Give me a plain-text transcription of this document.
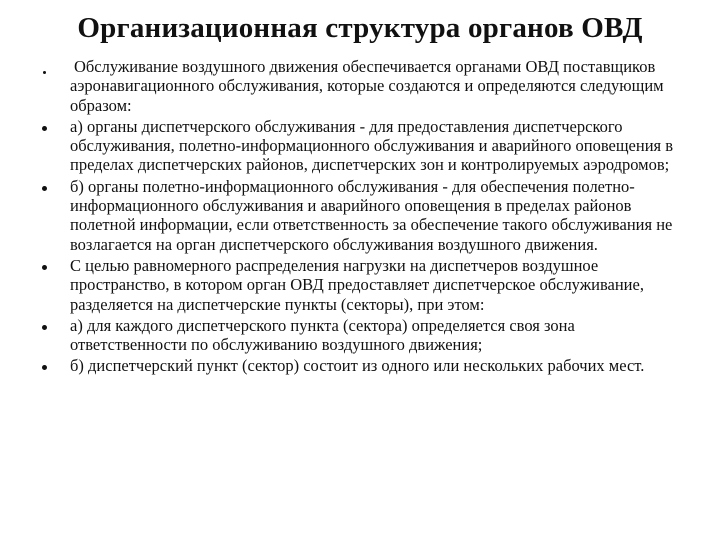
Организационная структура органов ОВД
Обслуживание воздушного движения обеспечивается органами ОВД поставщиков аэронавигационного обслуживания, которые создаются и определяются следующим образом:
а) органы диспетчерского обслуживания - для предоставления диспетчерского обслуживания, полетно-информационного обслуживания и аварийного оповещения в пределах диспетчерских районов, диспетчерских зон и контролируемых аэродромов;
б) органы полетно-информационного обслуживания - для обеспечения полетно-информационного обслуживания и аварийного оповещения в пределах районов полетной информации, если ответственность за обеспечение такого обслуживания не возлагается на орган диспетчерского обслуживания воздушного движения.
С целью равномерного распределения нагрузки на диспетчеров воздушное пространство, в котором орган ОВД предоставляет диспетчерское обслуживание, разделяется на диспетчерские пункты (секторы), при этом:
а) для каждого диспетчерского пункта (сектора) определяется своя зона ответственности по обслуживанию воздушного движения;
б) диспетчерский пункт (сектор) состоит из одного или нескольких рабочих мест.
